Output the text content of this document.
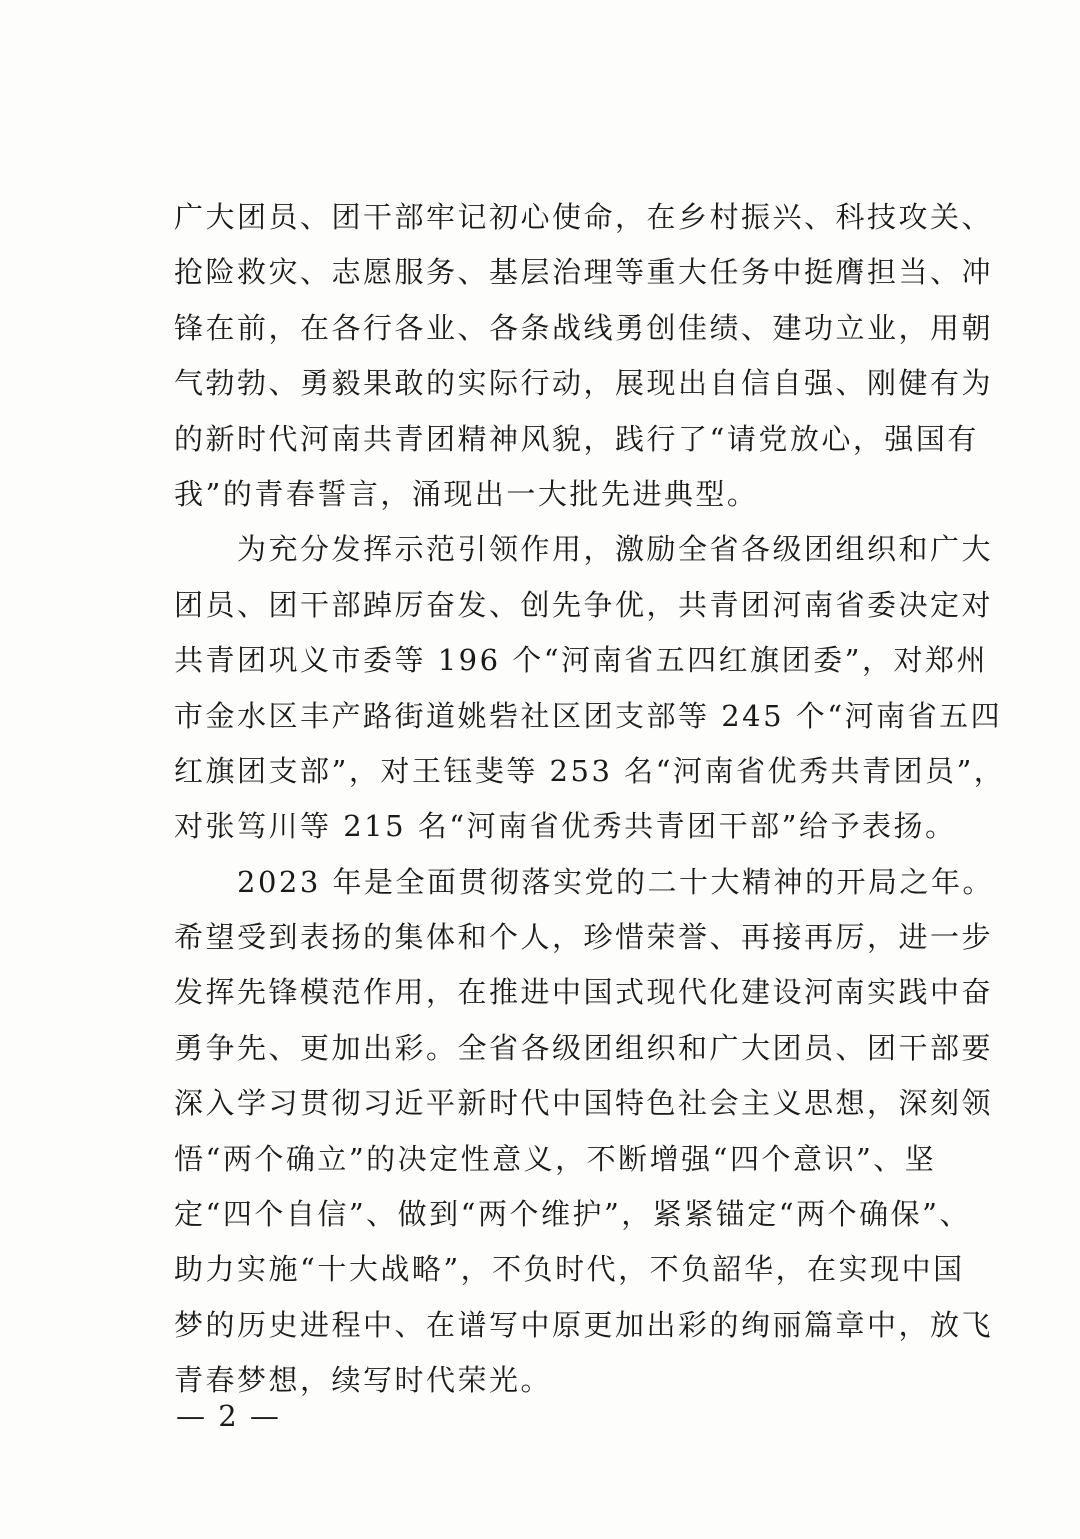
广大团员、团干部牢记初心使命，在乡村振兴、科技攻关、
抢险救灾、志愿服务、基层治理等重大任务中挺膺担当、冲
锋在前，在各行各业、各条战线勇创佳绩、建功立业，用朝
气勃勃、勇毅果敢的实际行动，展现出自信自强、刚健有为
的新时代河南共青团精神风貌，践行了“请党放心，强国有
我”的青春誓言，涌现出一大批先进典型。
　　为充分发挥示范引领作用，激励全省各级团组织和广大
团员、团干部踔厉奋发、创先争优，共青团河南省委决定对
共青团巩义市委等 196 个“河南省五四红旗团委”，对郑州
市金水区丰产路街道姚砦社区团支部等 245 个“河南省五四
红旗团支部”，对王钰斐等 253 名“河南省优秀共青团员”，
对张笃川等 215 名“河南省优秀共青团干部”给予表扬。
　　2023 年是全面贯彻落实党的二十大精神的开局之年。
希望受到表扬的集体和个人，珍惜荣誉、再接再厉，进一步
发挥先锋模范作用，在推进中国式现代化建设河南实践中奋
勇争先、更加出彩。全省各级团组织和广大团员、团干部要
深入学习贯彻习近平新时代中国特色社会主义思想，深刻领
悟“两个确立”的决定性意义，不断增强“四个意识”、坚
定“四个自信”、做到“两个维护”，紧紧锚定“两个确保”、
助力实施“十大战略”，不负时代，不负韶华，在实现中国
梦的历史进程中、在谱写中原更加出彩的绚丽篇章中，放飞
青春梦想，续写时代荣光。
— 2 —
